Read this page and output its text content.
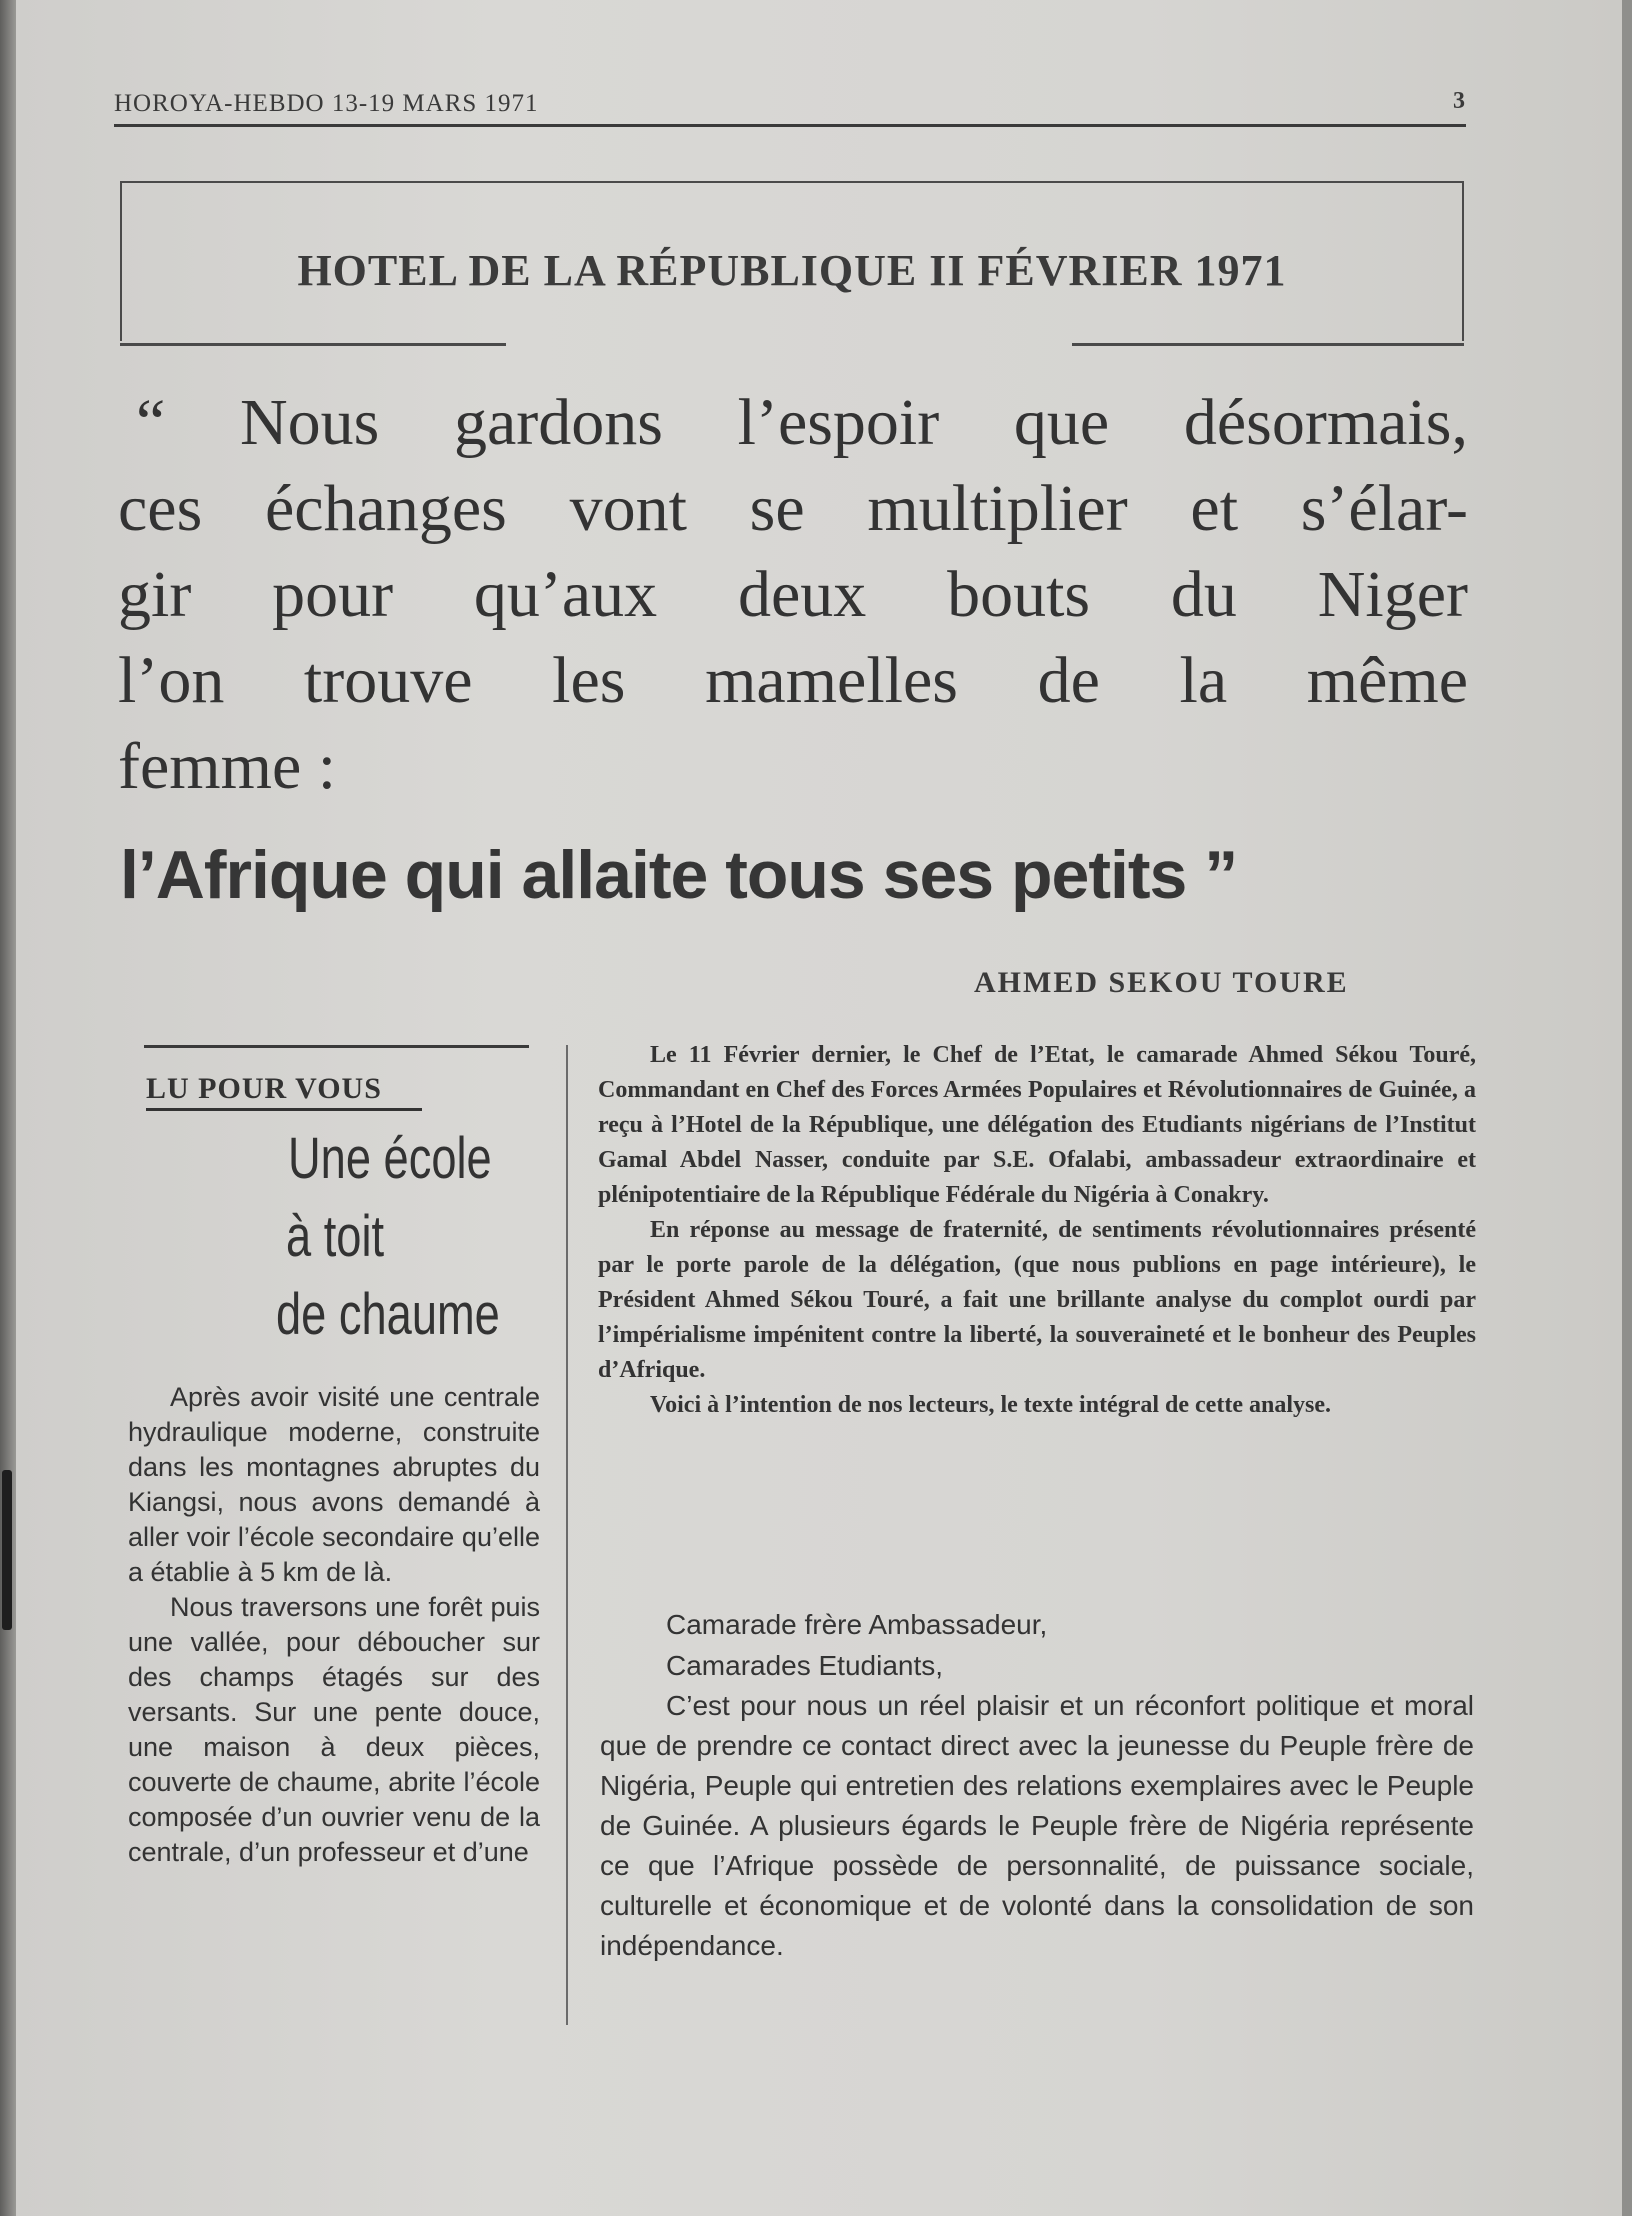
HOROYA-HEBDO 13-19 MARS 1971	3
HOTEL DE LA RÉPUBLIQUE II FÉVRIER 1971
“ Nous gardons l’espoir que désormais,
ces échanges vont se multiplier et s’élar-
gir pour qu’aux deux bouts du Niger
l’on trouve les mamelles de la même
femme :
l’Afrique qui allaite tous ses petits ”
AHMED SEKOU TOURE
LU POUR VOUS
Une école
à toit
de chaume

Après avoir visité une centrale hydraulique moderne, construite dans les montagnes abruptes du Kiangsi, nous avons demandé à aller voir l’école secondaire qu’elle a établie à 5 km de là.

Nous traversons une forêt puis une vallée, pour déboucher sur des champs étagés sur des versants. Sur une pente douce, une maison à deux pièces, couverte de chaume, abrite l’école composée d’un ouvrier venu de la centrale, d’un professeur et d’une

Le 11 Février dernier, le Chef de l’Etat, le camarade Ahmed Sékou Touré, Commandant en Chef des Forces Armées Populaires et Révolutionnaires de Guinée, a reçu à l’Hotel de la République, une délégation des Etudiants nigérians de l’Institut Gamal Abdel Nasser, conduite par S.E. Ofalabi, ambassadeur extraordinaire et plénipotentiaire de la République Fédérale du Nigéria à Conakry.

En réponse au message de fraternité, de sentiments révolutionnaires présenté par le porte parole de la délégation, (que nous publions en page intérieure), le Président Ahmed Sékou Touré, a fait une brillante analyse du complot ourdi par l’impérialisme impénitent contre la liberté, la souveraineté et le bonheur des Peuples d’Afrique.

Voici à l’intention de nos lecteurs, le texte intégral de cette analyse.

Camarade frère Ambassadeur,
Camarades Etudiants,

C’est pour nous un réel plaisir et un réconfort politique et moral que de prendre ce contact direct avec la jeunesse du Peuple frère de Nigéria, Peuple qui entretien des relations exemplaires avec le Peuple de Guinée. A plusieurs égards le Peuple frère de Nigéria représente ce que l’Afrique possède de personnalité, de puissance sociale, culturelle et économique et de volonté dans la consolidation de son indépendance.
